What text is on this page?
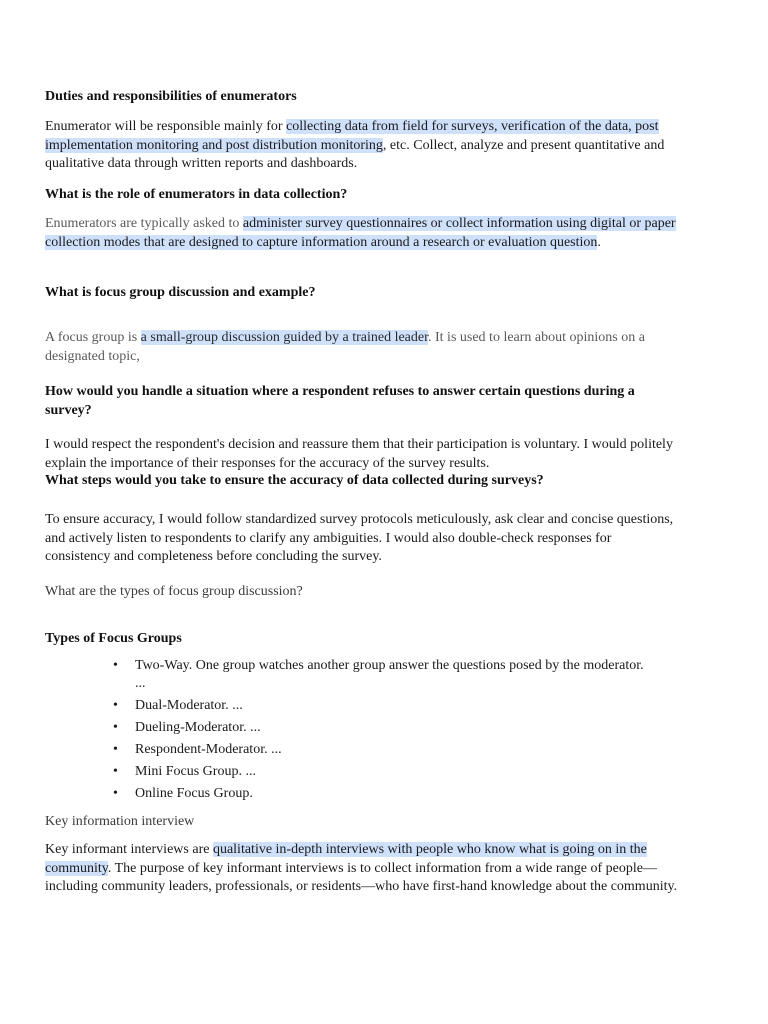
Duties and responsibilities of enumerators

Enumerator will be responsible mainly for collecting data from field for surveys, verification of the data, post implementation monitoring and post distribution monitoring, etc. Collect, analyze and present quantitative and qualitative data through written reports and dashboards.

What is the role of enumerators in data collection?

Enumerators are typically asked to administer survey questionnaires or collect information using digital or paper collection modes that are designed to capture information around a research or evaluation question.

What is focus group discussion and example?

A focus group is a small-group discussion guided by a trained leader. It is used to learn about opinions on a designated topic,

How would you handle a situation where a respondent refuses to answer certain questions during a survey?

I would respect the respondent's decision and reassure them that their participation is voluntary. I would politely explain the importance of their responses for the accuracy of the survey results.

What steps would you take to ensure the accuracy of data collected during surveys?

To ensure accuracy, I would follow standardized survey protocols meticulously, ask clear and concise questions, and actively listen to respondents to clarify any ambiguities. I would also double-check responses for consistency and completeness before concluding the survey.

What are the types of focus group discussion?

Types of Focus Groups

• Two-Way. One group watches another group answer the questions posed by the moderator. ...
• Dual-Moderator. ...
• Dueling-Moderator. ...
• Respondent-Moderator. ...
• Mini Focus Group. ...
• Online Focus Group.

Key information interview

Key informant interviews are qualitative in-depth interviews with people who know what is going on in the community. The purpose of key informant interviews is to collect information from a wide range of people—including community leaders, professionals, or residents—who have first-hand knowledge about the community.
